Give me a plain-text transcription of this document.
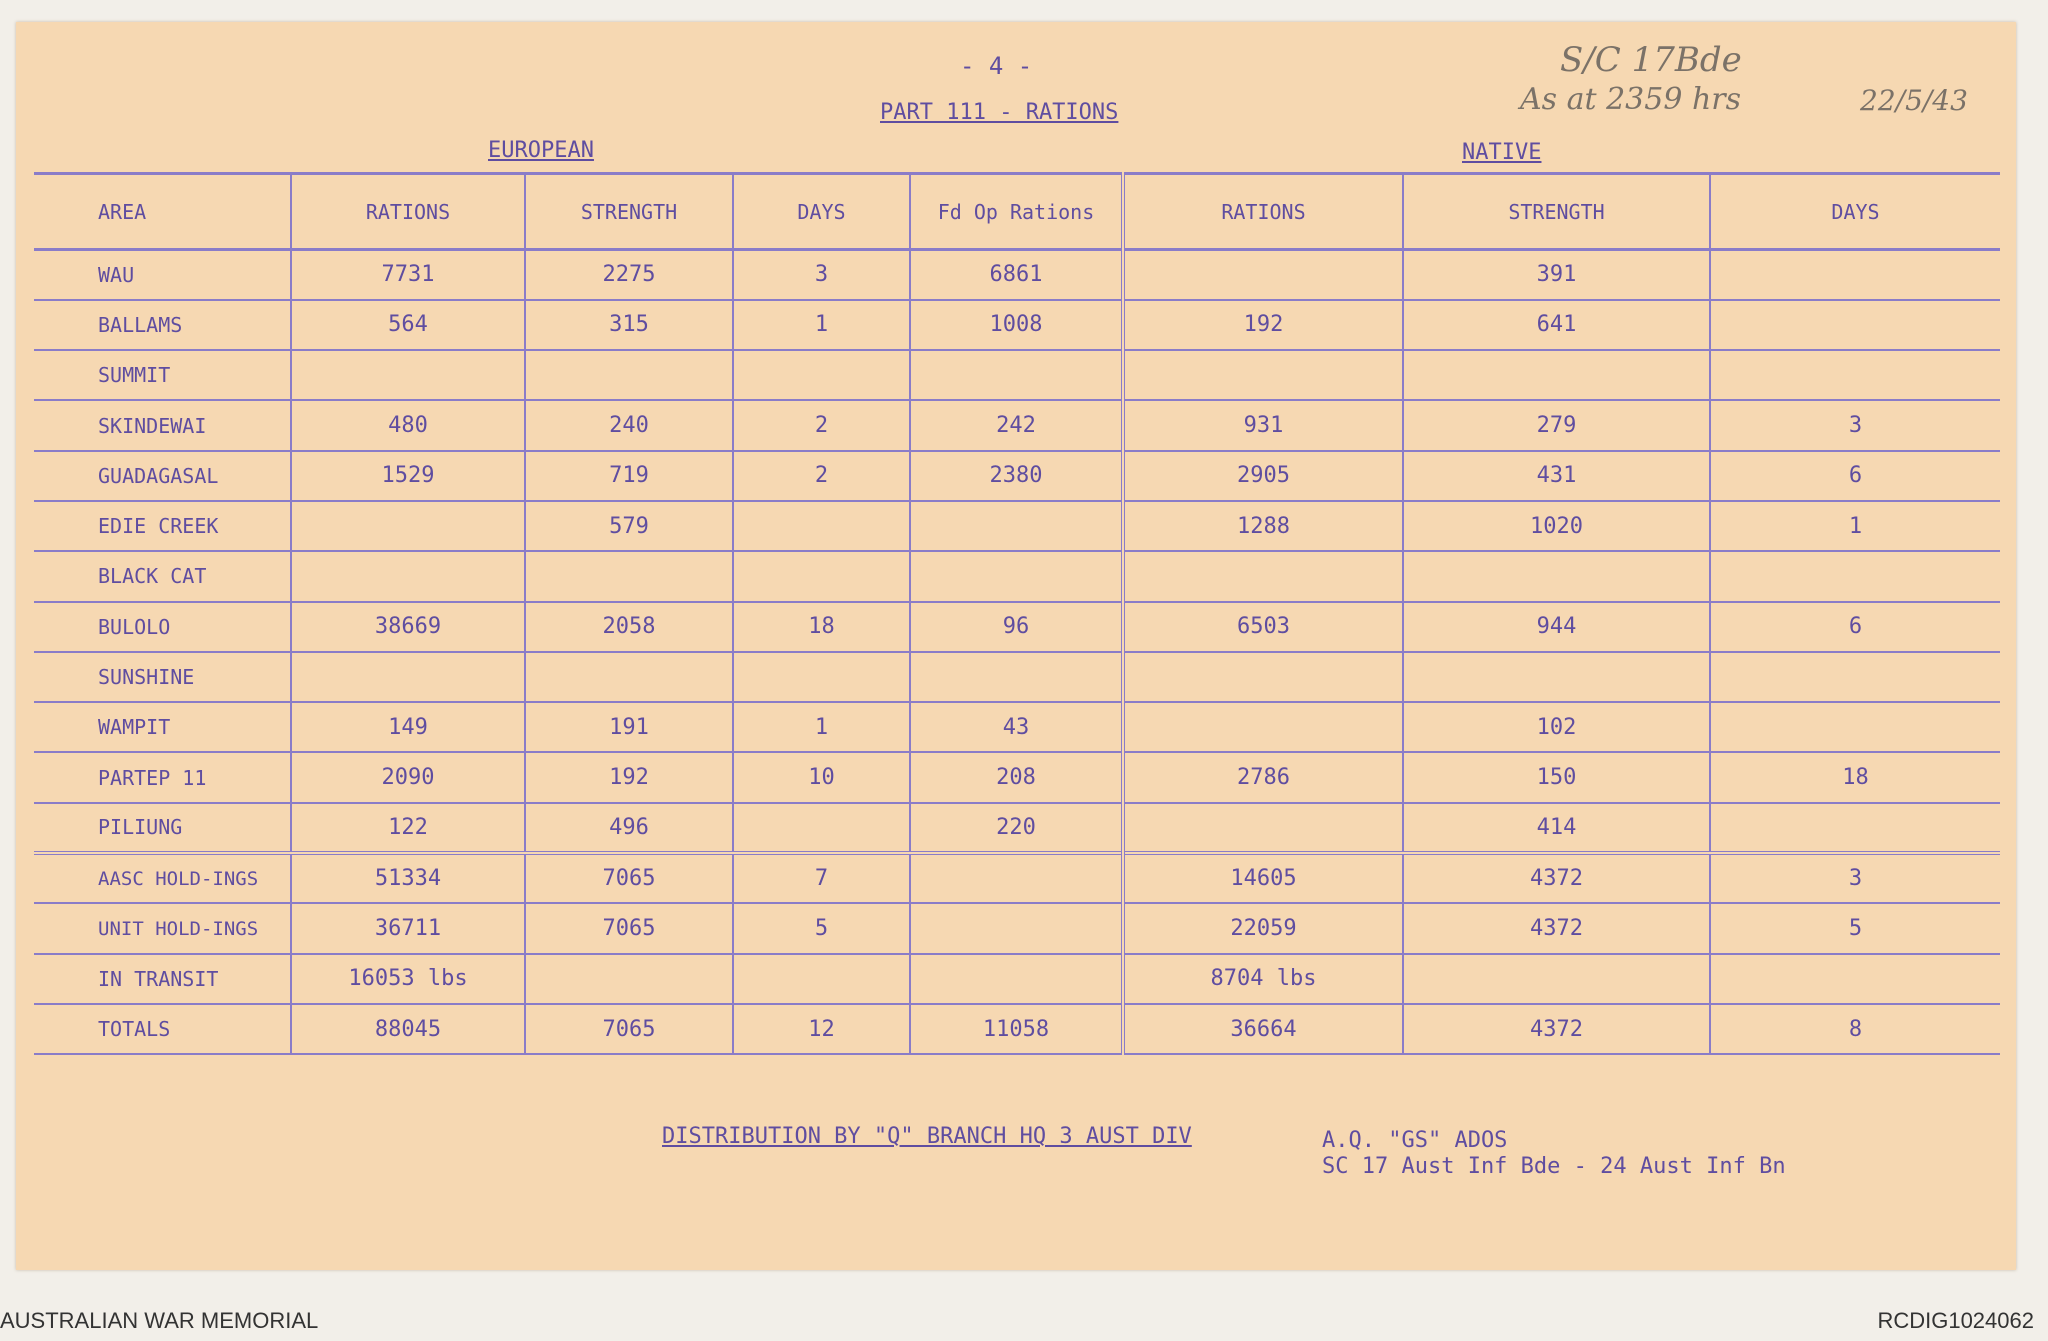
- 4 -
PART 111 - RATIONS
EUROPEAN	NATIVE
S/C 17Bde
As at 2359 hrs	22/5/43
AREA	RATIONS	STRENGTH	DAYS	Fd Op Rations	RATIONS	STRENGTH	DAYS
WAU	7731	2275	3	6861		391	
BALLAMS	564	315	1	1008	192	641	
SUMMIT							
SKINDEWAI	480	240	2	242	931	279	3
GUADAGASAL	1529	719	2	2380	2905	431	6
EDIE CREEK		579			1288	1020	1
BLACK CAT							
BULOLO	38669	2058	18	96	6503	944	6
SUNSHINE							
WAMPIT	149	191	1	43		102	
PARTEP 11	2090	192	10	208	2786	150	18
PILIUNG	122	496		220		414	
AASC HOLD-INGS	51334	7065	7		14605	4372	3
UNIT HOLD-INGS	36711	7065	5		22059	4372	5
IN TRANSIT	16053 lbs				8704 lbs		
TOTALS	88045	7065	12	11058	36664	4372	8
DISTRIBUTION BY "Q" BRANCH HQ 3 AUST DIV	A.Q. "GS" ADOS
SC 17 Aust Inf Bde - 24 Aust Inf Bn
AUSTRALIAN WAR MEMORIAL	RCDIG1024062
